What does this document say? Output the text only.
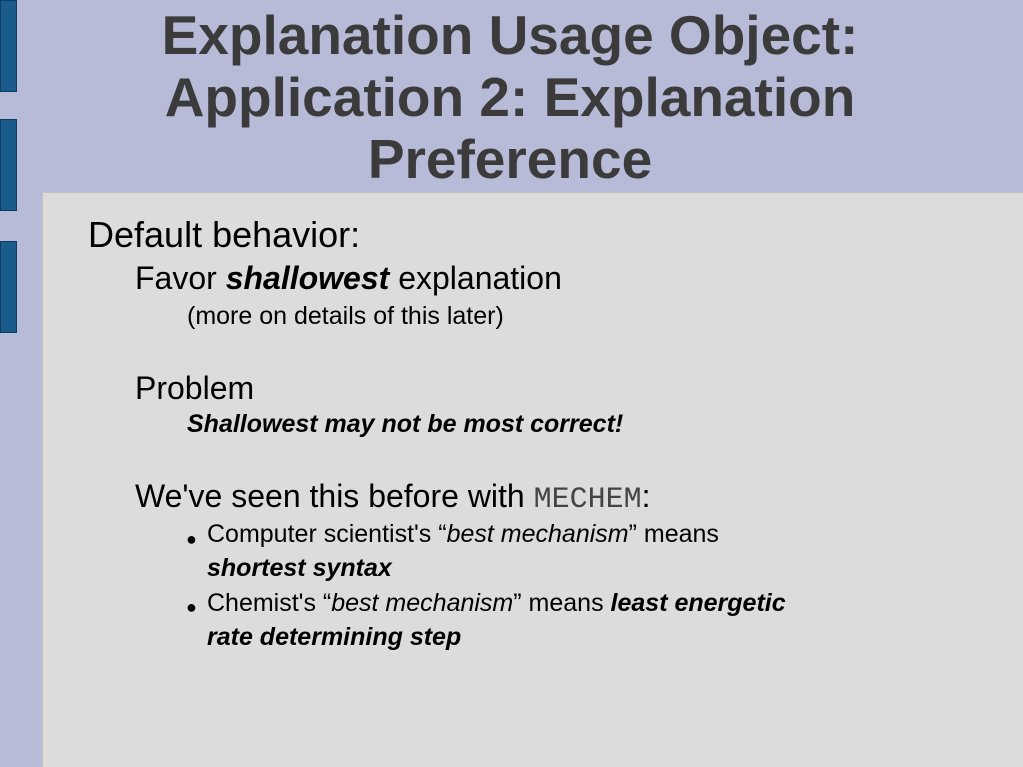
Explanation Usage Object:
Application 2: Explanation
Preference
Default behavior:
Favor shallowest explanation
(more on details of this later)
Problem
Shallowest may not be most correct!
We've seen this before with MECHEM:
● Computer scientist's “best mechanism” means
shortest syntax
● Chemist's “best mechanism” means least energetic
rate determining step
